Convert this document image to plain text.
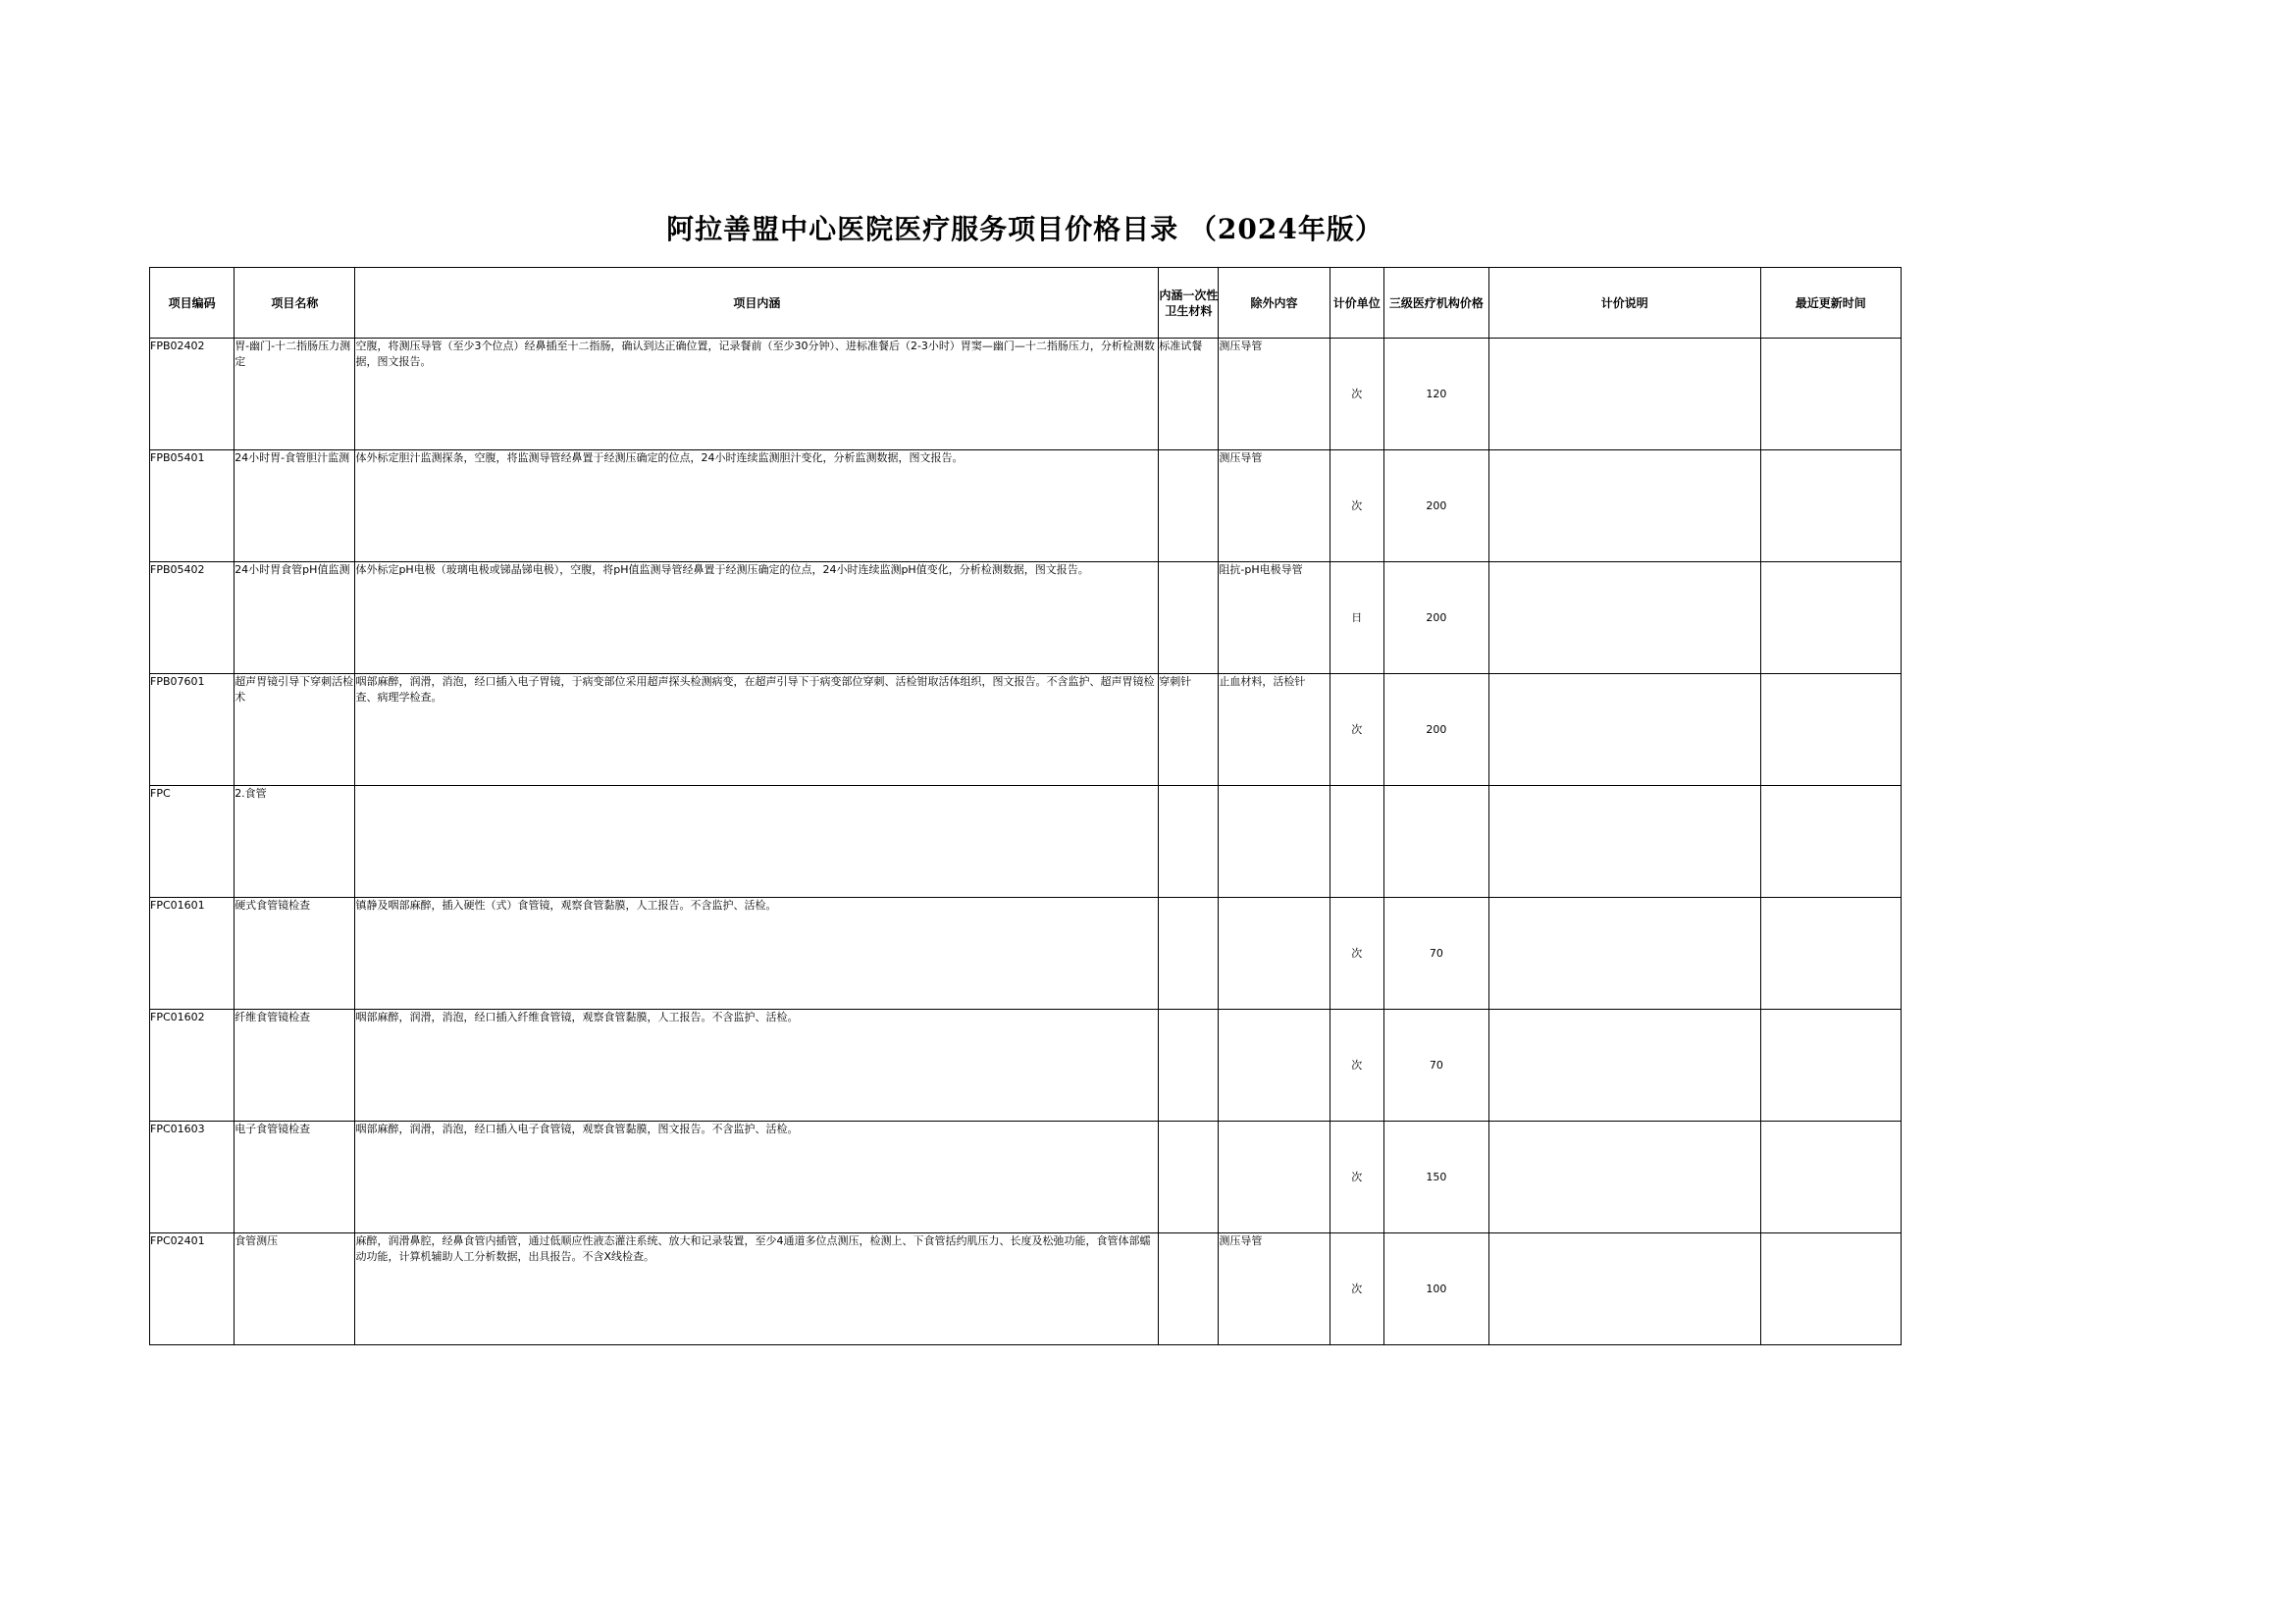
阿拉善盟中心医院医疗服务项目价格目录 （2024年版）
项目编码	项目名称	项目内涵	内涵一次性卫生材料	除外内容	计价单位	三级医疗机构价格	计价说明	最近更新时间
FPB02402	胃-幽门-十二指肠压力测定	空腹，将测压导管（至少3个位点）经鼻插至十二指肠，确认到达正确位置，记录餐前（至少30分钟）、进标准餐后（2-3小时）胃窦—幽门—十二指肠压力，分析检测数据，图文报告。	标准试餐	测压导管	次	120		
FPB05401	24小时胃-食管胆汁监测	体外标定胆汁监测探条，空腹，将监测导管经鼻置于经测压确定的位点，24小时连续监测胆汁变化，分析监测数据，图文报告。		测压导管	次	200		
FPB05402	24小时胃食管pH值监测	体外标定pH电极（玻璃电极或锑晶锑电极），空腹，将pH值监测导管经鼻置于经测压确定的位点，24小时连续监测pH值变化，分析检测数据，图文报告。		阻抗-pH电极导管	日	200		
FPB07601	超声胃镜引导下穿刺活检术	咽部麻醉，润滑，消泡，经口插入电子胃镜，于病变部位采用超声探头检测病变，在超声引导下于病变部位穿刺、活检钳取活体组织，图文报告。不含监护、超声胃镜检查、病理学检查。	穿刺针	止血材料，活检针	次	200		
FPC	2.食管							
FPC01601	硬式食管镜检查	镇静及咽部麻醉，插入硬性（式）食管镜，观察食管黏膜，人工报告。不含监护、活检。			次	70		
FPC01602	纤维食管镜检查	咽部麻醉，润滑，消泡，经口插入纤维食管镜，观察食管黏膜，人工报告。不含监护、活检。			次	70		
FPC01603	电子食管镜检查	咽部麻醉，润滑，消泡，经口插入电子食管镜，观察食管黏膜，图文报告。不含监护、活检。			次	150		
FPC02401	食管测压	麻醉，润滑鼻腔，经鼻食管内插管，通过低顺应性液态灌注系统、放大和记录装置，至少4通道多位点测压，检测上、下食管括约肌压力、长度及松弛功能，食管体部蠕动功能，计算机辅助人工分析数据，出具报告。不含X线检查。		测压导管	次	100		
